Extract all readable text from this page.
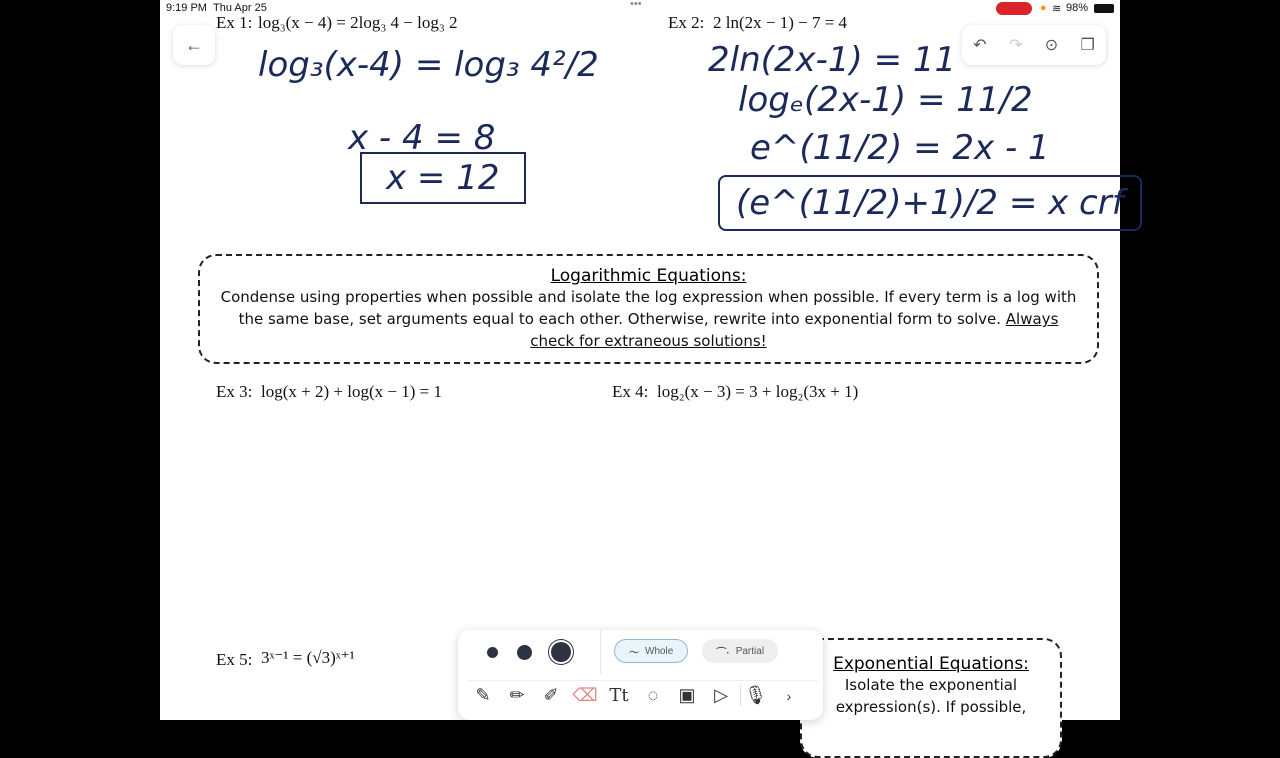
9:19 PM Thu Apr 25	•••	● ≋ 98%
←	↶ ↷ ⊙ ❐
Ex 1: log₃(x − 4) = 2log₃ 4 − log₃ 2	Ex 2: 2 ln(2x − 1) − 7 = 4
log₃(x-4) = log₃ 4²/2
x - 4 = 8
x = 12
2ln(2x-1) = 11
logₑ(2x-1) = 11/2
e^(11/2) = 2x - 1
(e^(11/2)+1)/2 = x crf
Logarithmic Equations:
Condense using properties when possible and isolate the log expression when possible. If every term is a log with the same base, set arguments equal to each other. Otherwise, rewrite into exponential form to solve. Always check for extraneous solutions!
Ex 3: log(x + 2) + log(x − 1) = 1	Ex 4: log₂(x − 3) = 3 + log₂(3x + 1)
Ex 5: 3ˣ⁻¹ = (√3)ˣ⁺¹	Exponential Equations:
Isolate the exponential
expression(s). If possible,
〜 Whole	⌒· Partial
✎	✏	✐ ⌫ Tt	◌	▣	▷ 🎙	›
